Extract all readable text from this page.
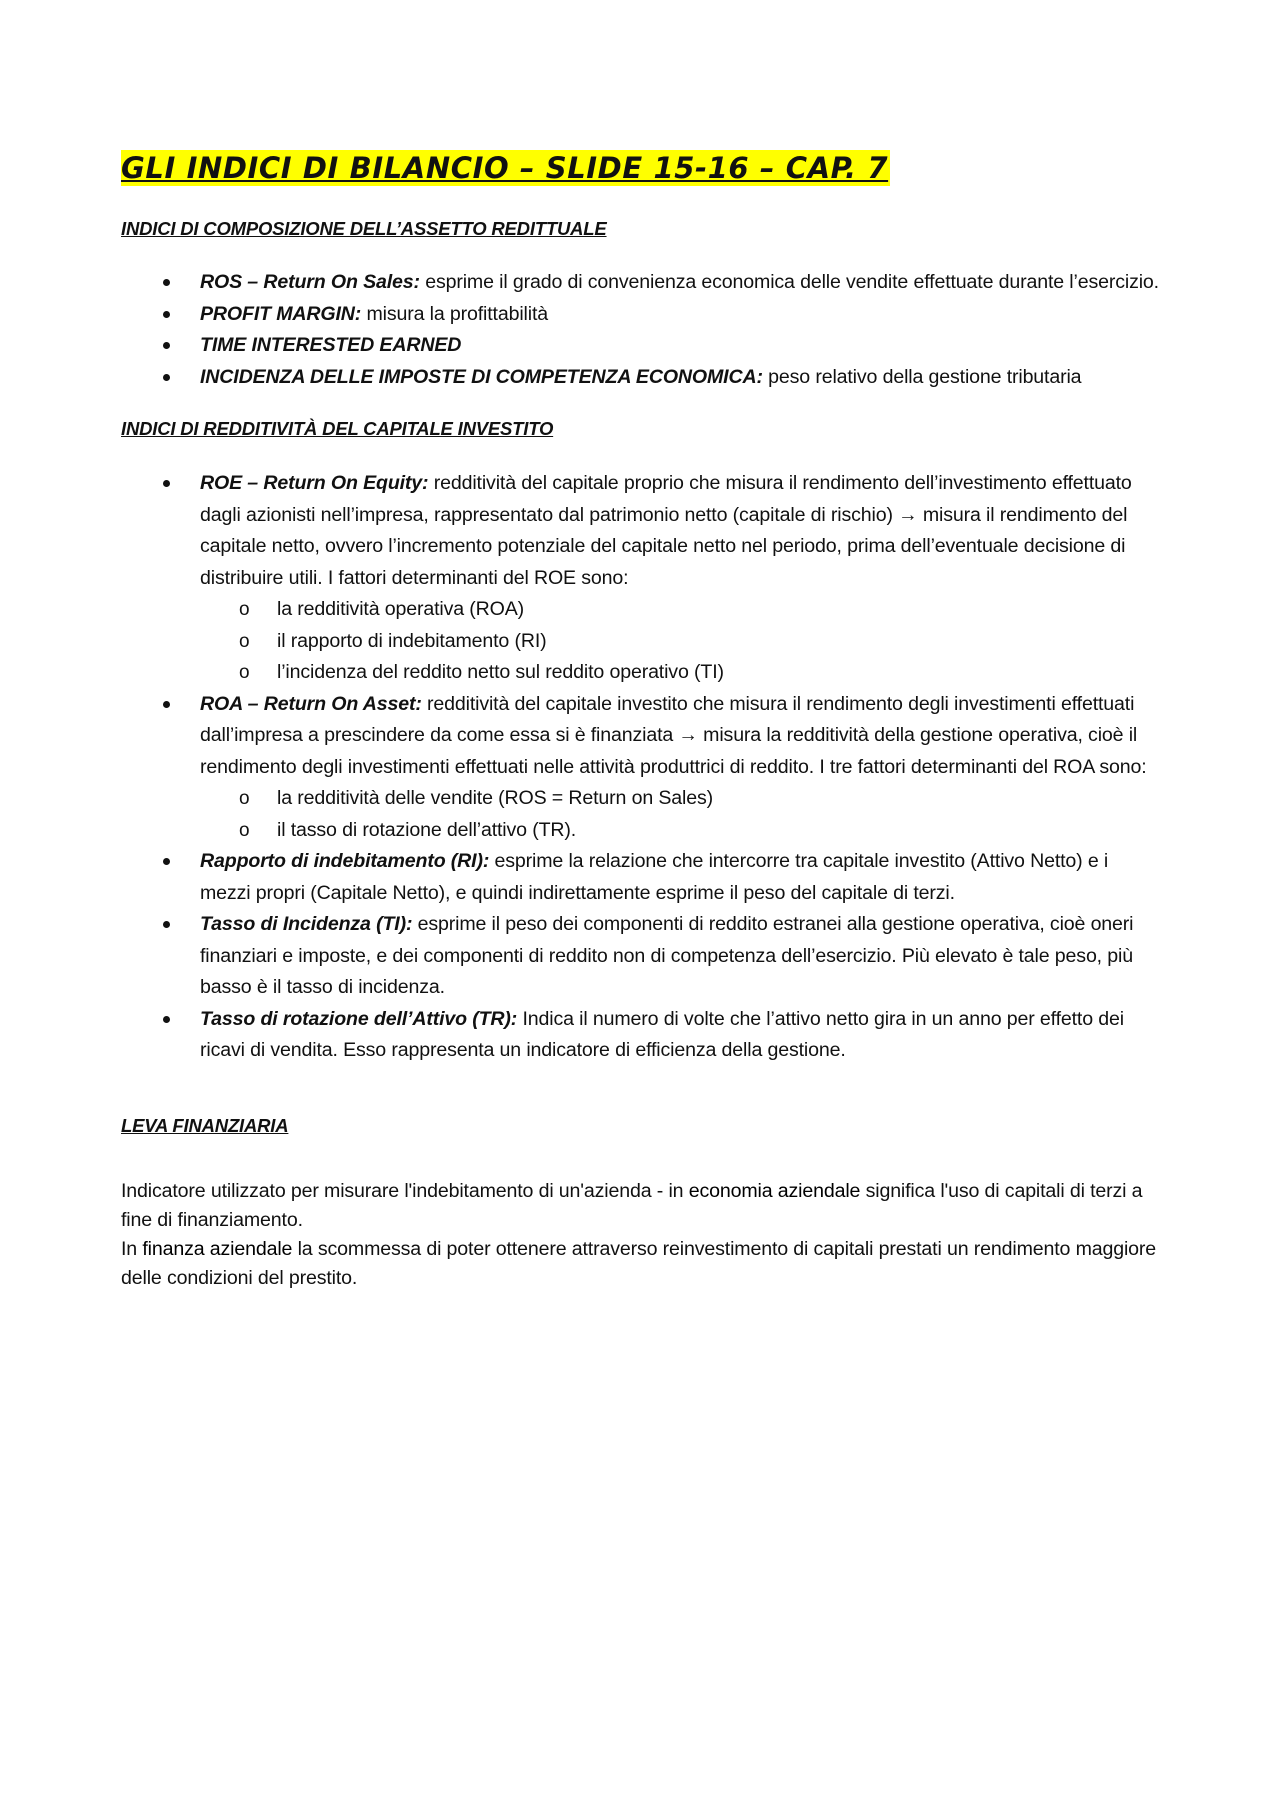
GLI INDICI DI BILANCIO – SLIDE 15-16 – CAP. 7
INDICI DI COMPOSIZIONE DELL’ASSETTO REDITTUALE
ROS – Return On Sales: esprime il grado di convenienza economica delle vendite effettuate durante l’esercizio.
PROFIT MARGIN: misura la profittabilità
TIME INTERESTED EARNED
INCIDENZA DELLE IMPOSTE DI COMPETENZA ECONOMICA: peso relativo della gestione tributaria
INDICI DI REDDITIVITÀ DEL CAPITALE INVESTITO
ROE – Return On Equity: redditività del capitale proprio che misura il rendimento dell’investimento effettuato dagli azionisti nell’impresa, rappresentato dal patrimonio netto (capitale di rischio) → misura il rendimento del capitale netto, ovvero l’incremento potenziale del capitale netto nel periodo, prima dell’eventuale decisione di distribuire utili. I fattori determinanti del ROE sono:
o la redditività operativa (ROA)
o il rapporto di indebitamento (RI)
o l’incidenza del reddito netto sul reddito operativo (TI)
ROA – Return On Asset: redditività del capitale investito che misura il rendimento degli investimenti effettuati dall’impresa a prescindere da come essa si è finanziata → misura la redditività della gestione operativa, cioè il rendimento degli investimenti effettuati nelle attività produttrici di reddito. I tre fattori determinanti del ROA sono:
o la redditività delle vendite (ROS = Return on Sales)
o il tasso di rotazione dell’attivo (TR).
Rapporto di indebitamento (RI): esprime la relazione che intercorre tra capitale investito (Attivo Netto) e i mezzi propri (Capitale Netto), e quindi indirettamente esprime il peso del capitale di terzi.
Tasso di Incidenza (TI): esprime il peso dei componenti di reddito estranei alla gestione operativa, cioè oneri finanziari e imposte, e dei componenti di reddito non di competenza dell’esercizio. Più elevato è tale peso, più basso è il tasso di incidenza.
Tasso di rotazione dell’Attivo (TR): Indica il numero di volte che l’attivo netto gira in un anno per effetto dei ricavi di vendita. Esso rappresenta un indicatore di efficienza della gestione.
LEVA FINANZIARIA
Indicatore utilizzato per misurare l'indebitamento di un'azienda - in economia aziendale significa l'uso di capitali di terzi a fine di finanziamento.
In finanza aziendale la scommessa di poter ottenere attraverso reinvestimento di capitali prestati un rendimento maggiore delle condizioni del prestito.
